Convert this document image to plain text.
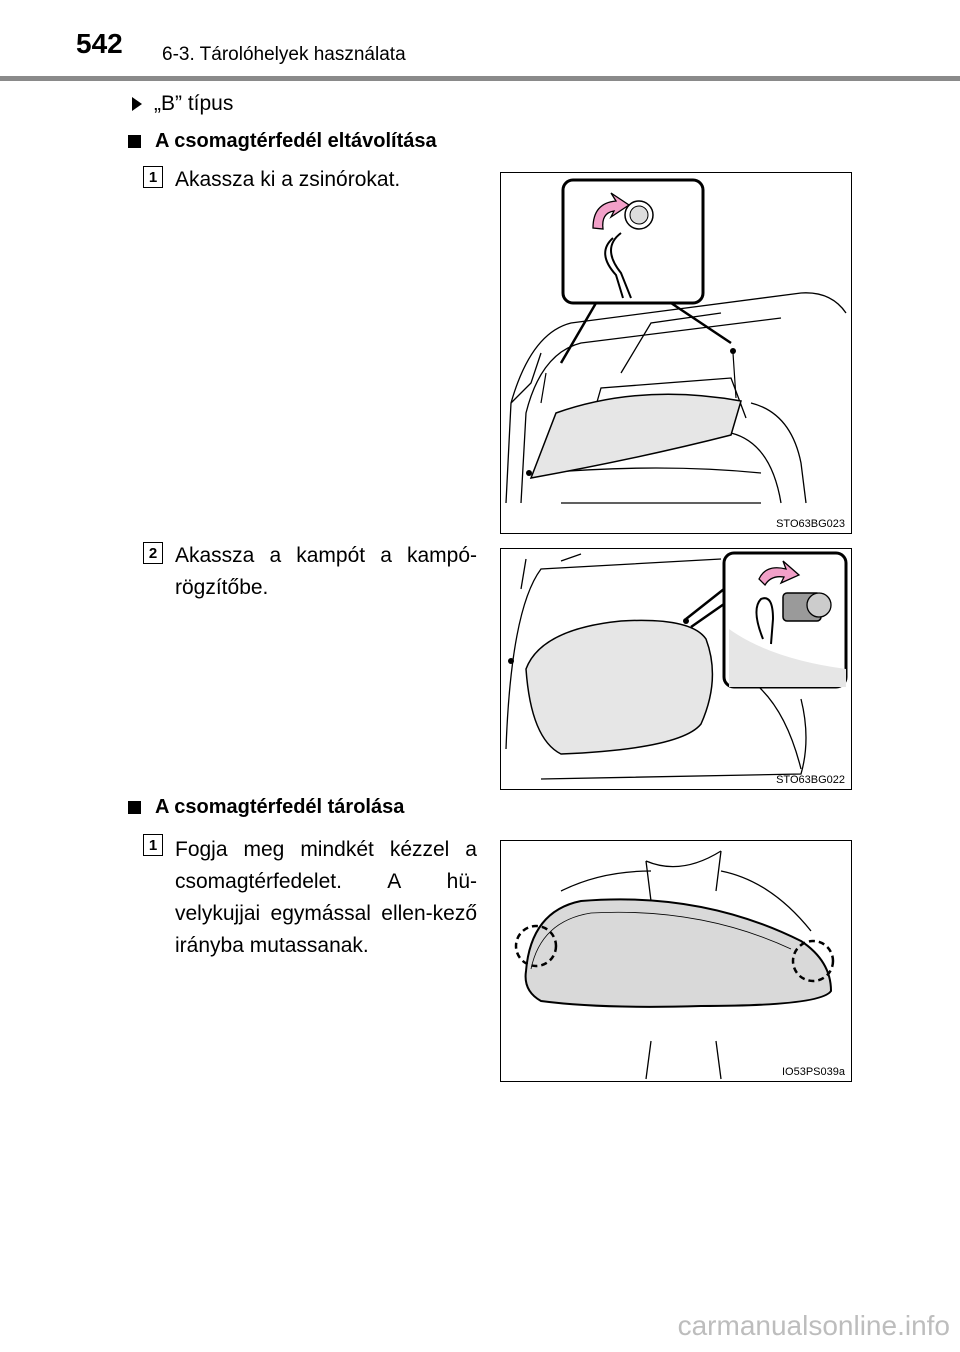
542 6-3. Tárolóhelyek használata
„B” típus
A csomagtérfedél eltávolítása
1 Akassza ki a zsinórokat.
STO63BG023
2 Akassza a kampót a kampó-rögzítőbe.
STO63BG022
A csomagtérfedél tárolása
1 Fogja meg mindkét kézzel a csomagtérfedelet. A hü-velykujjai egymással ellen-kező irányba mutassanak.
IO53PS039a
carmanualsonline.info
